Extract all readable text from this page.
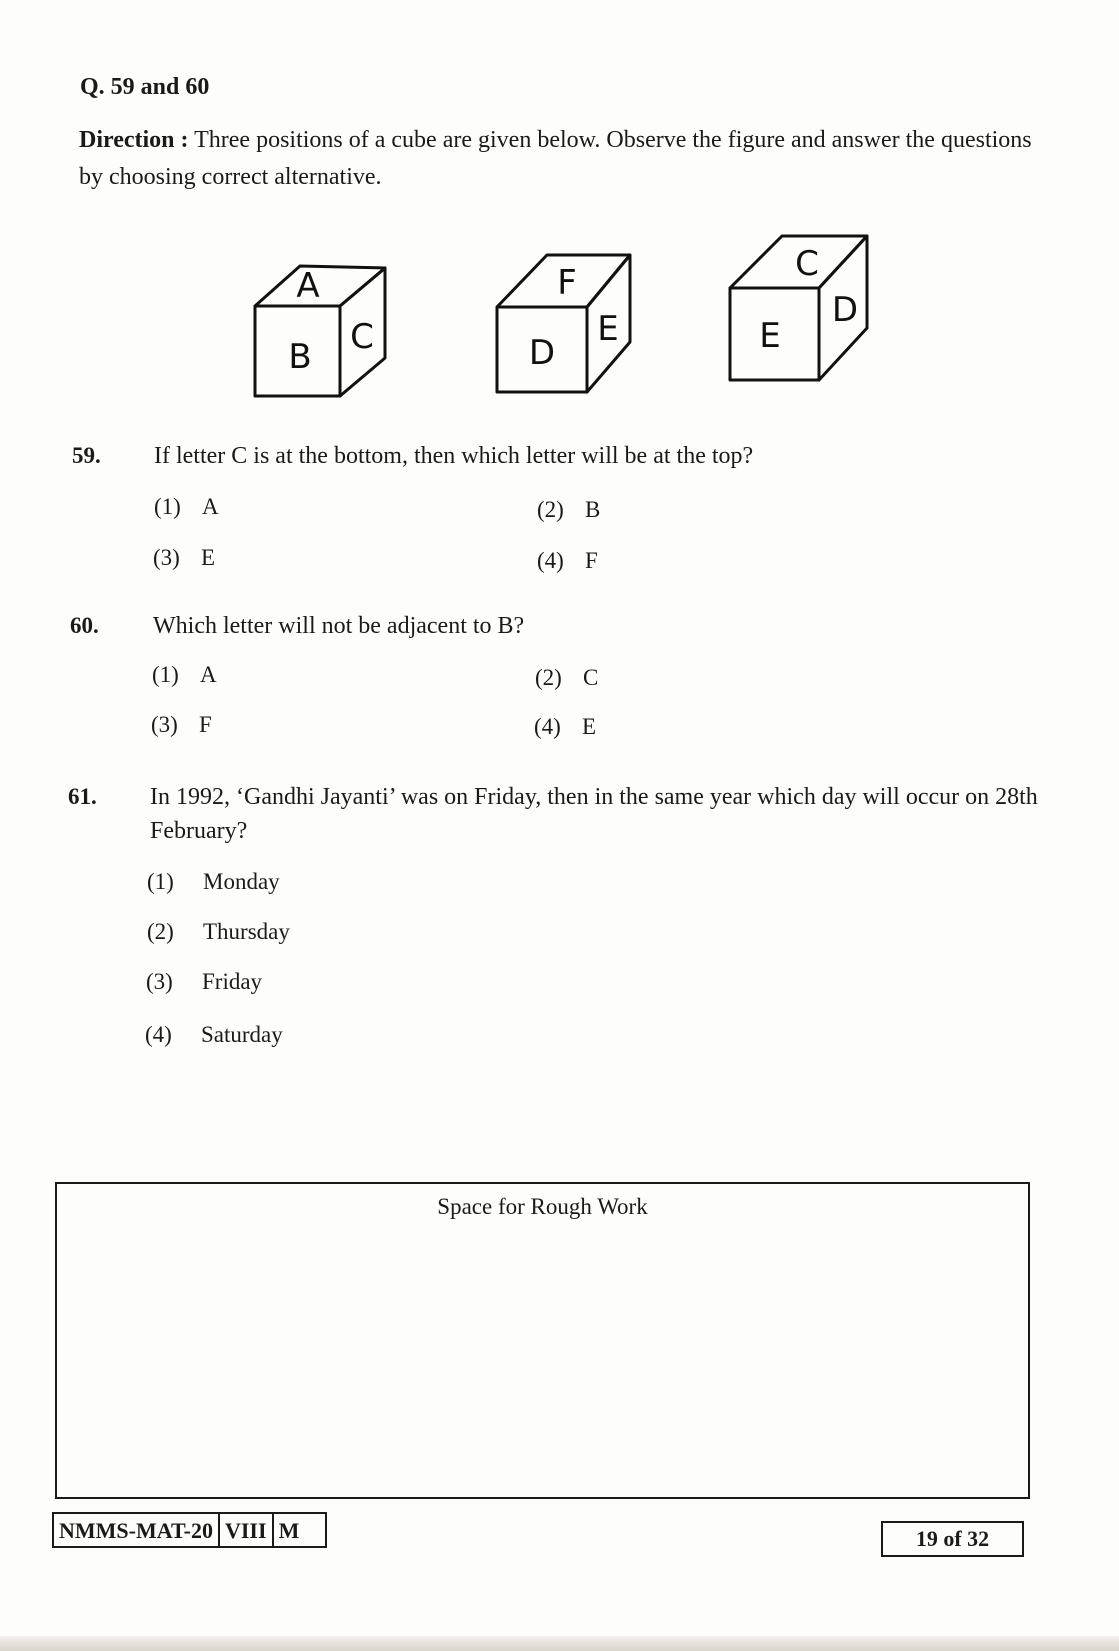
Q. 59 and 60
Direction : Three positions of a cube are given below. Observe the figure and answer the questions by choosing correct alternative.
A
B C
F
D
E
C
E
D
59. If letter C is at the bottom, then which letter will be at the top?
(1) A	(2) B
(3) E	(4) F
60. Which letter will not be adjacent to B?
(1) A	(2) C
(3) F	(4) E
61. In 1992, ‘Gandhi Jayanti’ was on Friday, then in the same year which day will occur on 28th
February?
(1) Monday
(2) Thursday
(3) Friday
(4) Saturday
Space for Rough Work
NMMS-MAT-20 VIII M	19 of 32
